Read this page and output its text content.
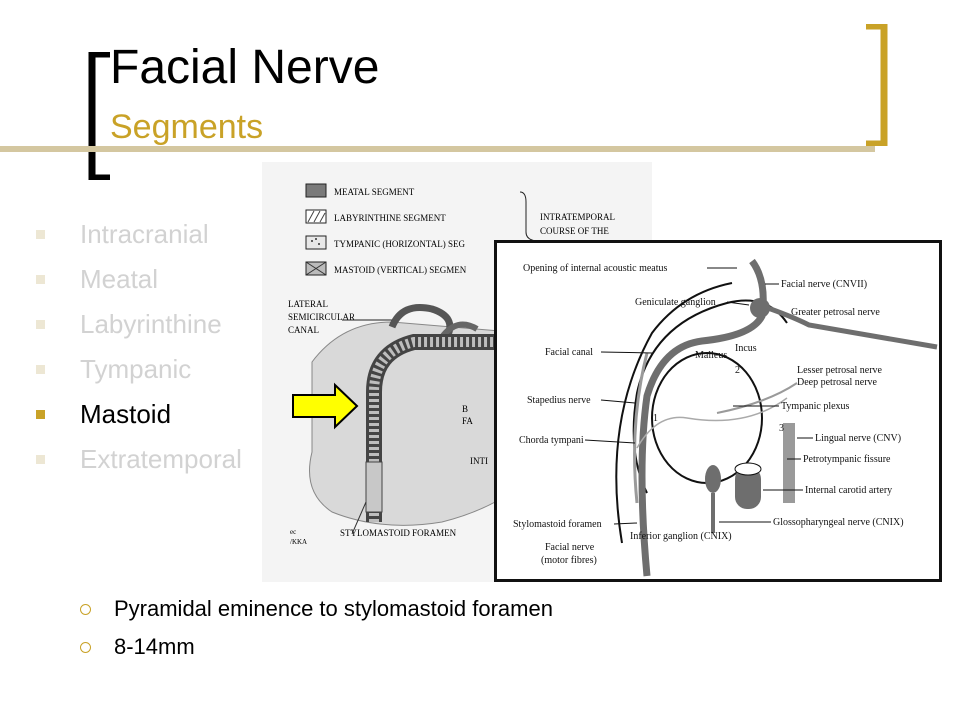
Facial Nerve
Segments
Intracranial
Meatal
Labyrinthine
Tympanic
Mastoid
Extratemporal
MEATAL SEGMENT
LABYRINTHINE SEGMENT
TYMPANIC (HORIZONTAL) SEG
MASTOID (VERTICAL) SEGMEN
INTRATEMPORAL
COURSE OF THE
LATERAL
SEMICIRCULAR
CANAL
B
FA
INTI
STYLOMASTOID FORAMEN
ec
/KKA
Opening of internal acoustic meatus
Geniculate ganglion
Facial canal	Malleus
Incus
Stapedius nerve
Chorda tympani
Stylomastoid foramen
Facial nerve
(motor fibres)
Inferior ganglion (CNIX)
Facial nerve (CNVII)
Greater petrosal nerve
Lesser petrosal nerve
Deep petrosal nerve
Tympanic plexus
Lingual nerve (CNV)
Petrotympanic fissure
Internal carotid artery
Glossopharyngeal nerve (CNIX)
1
2
3
Pyramidal eminence to stylomastoid foramen
8-14mm
